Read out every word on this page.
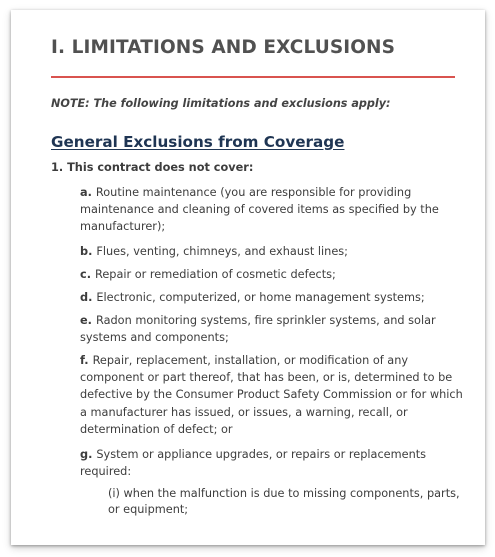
I. LIMITATIONS AND EXCLUSIONS
NOTE: The following limitations and exclusions apply:
General Exclusions from Coverage
1. This contract does not cover:
a. Routine maintenance (you are responsible for providing maintenance and cleaning of covered items as specified by the manufacturer);
b. Flues, venting, chimneys, and exhaust lines;
c. Repair or remediation of cosmetic defects;
d. Electronic, computerized, or home management systems;
e. Radon monitoring systems, fire sprinkler systems, and solar systems and components;
f. Repair, replacement, installation, or modification of any component or part thereof, that has been, or is, determined to be defective by the Consumer Product Safety Commission or for which a manufacturer has issued, or issues, a warning, recall, or determination of defect; or
g. System or appliance upgrades, or repairs or replacements required:
(i) when the malfunction is due to missing components, parts, or equipment;
